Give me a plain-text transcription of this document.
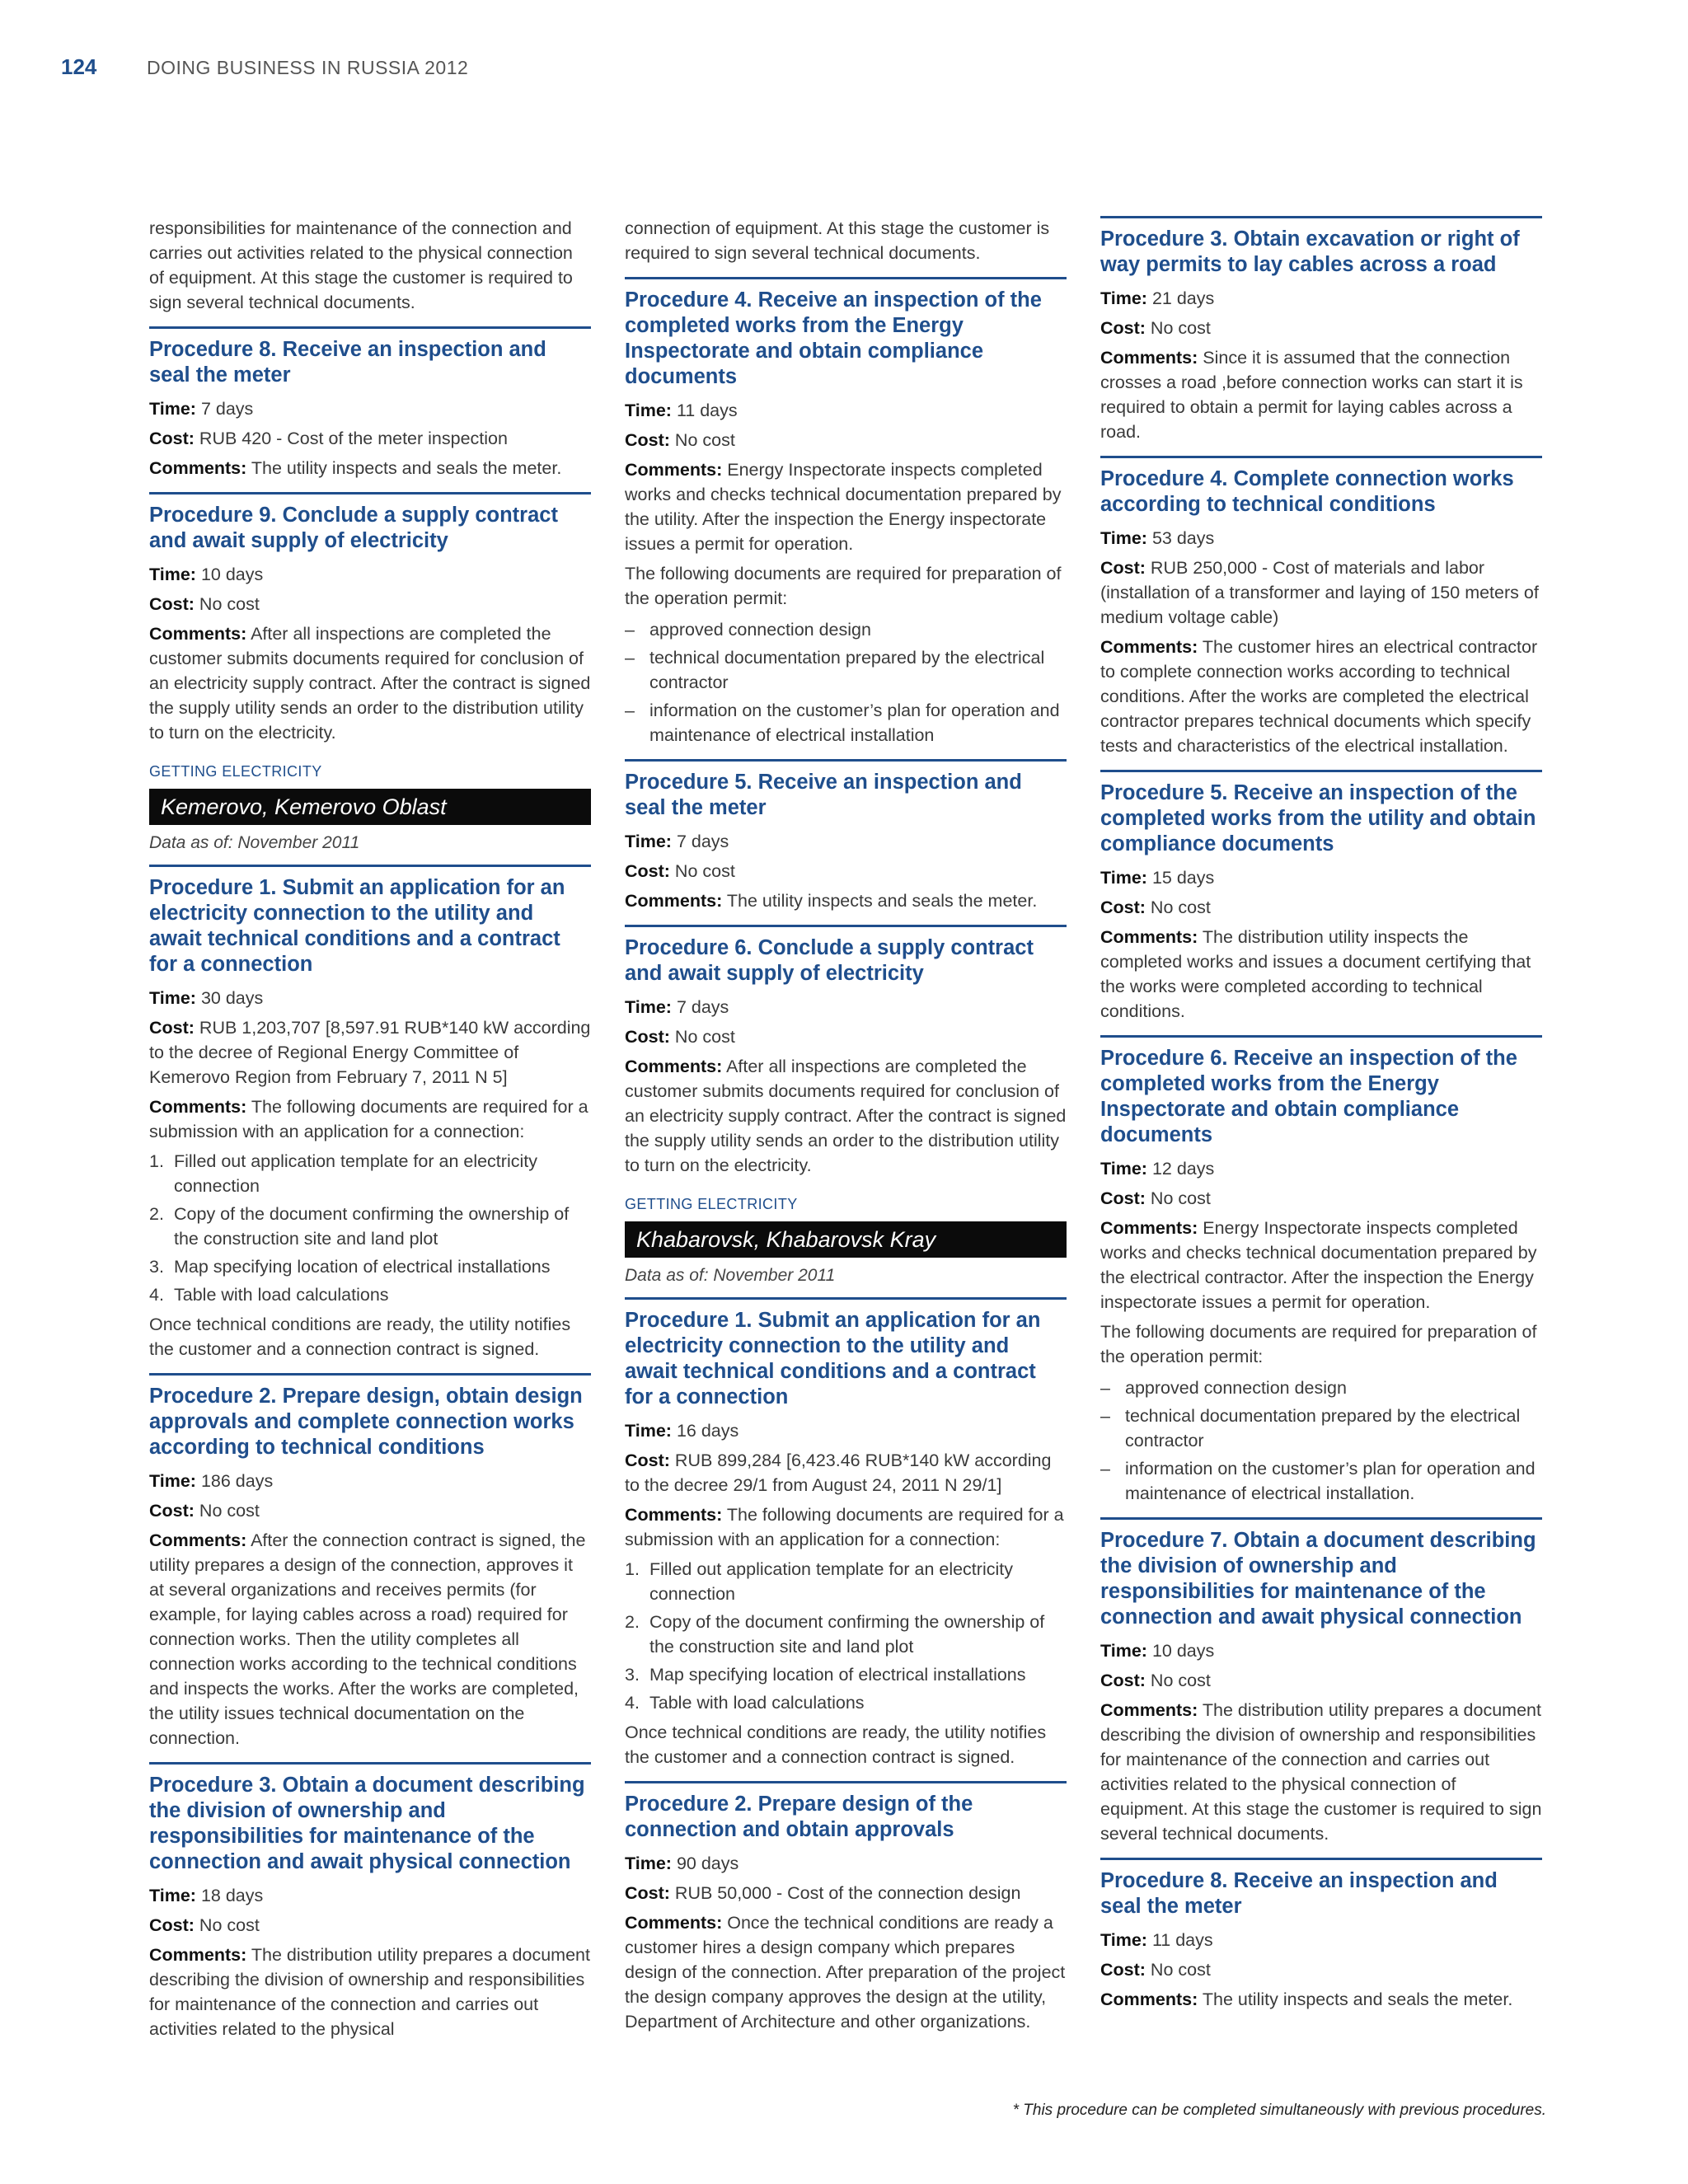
124	DOING BUSINESS IN RUSSIA 2012

responsibilities for maintenance of the connection and carries out activities related to the physical connection of equipment. At this stage the customer is required to sign several technical documents.

Procedure 8. Receive an inspection and seal the meter
Time: 7 days
Cost: RUB 420 - Cost of the meter inspection
Comments: The utility inspects and seals the meter.
Procedure 9. Conclude a supply contract and await supply of electricity
Time: 10 days
Cost: No cost
Comments: After all inspections are completed the customer submits documents required for conclusion of an electricity supply contract. After the contract is signed the supply utility sends an order to the distribution utility to turn on the electricity.
GETTING ELECTRICITY
Kemerovo, Kemerovo Oblast
Data as of: November 2011
Procedure 1. Submit an application for an electricity connection to the utility and await technical conditions and a contract for a connection
Time: 30 days
Cost: RUB 1,203,707 [8,597.91 RUB*140 kW according to the decree of Regional Energy Committee of Kemerovo Region from February 7, 2011 N 5]
Comments: The following documents are required for a submission with an application for a connection:
1. Filled out application template for an electricity connection
2. Copy of the document confirming the ownership of the construction site and land plot
3. Map specifying location of electrical installations
4. Table with load calculations

Once technical conditions are ready, the utility notifies the customer and a connection contract is signed.

Procedure 2. Prepare design, obtain design approvals and complete connection works according to technical conditions
Time: 186 days
Cost: No cost
Comments: After the connection contract is signed, the utility prepares a design of the connection, approves it at several organizations and receives permits (for example, for laying cables across a road) required for connection works. Then the utility completes all connection works according to the technical conditions and inspects the works. After the works are completed, the utility issues technical documentation on the connection.
Procedure 3. Obtain a document describing the division of ownership and responsibilities for maintenance of the connection and await physical connection
Time: 18 days
Cost: No cost
Comments: The distribution utility prepares a document describing the division of ownership and responsibilities for maintenance of the connection and carries out activities related to the physical

connection of equipment. At this stage the customer is required to sign several technical documents.

Procedure 4. Receive an inspection of the completed works from the Energy Inspectorate and obtain compliance documents
Time: 11 days
Cost: No cost
Comments: Energy Inspectorate inspects completed works and checks technical documentation prepared by the utility. After the inspection the Energy inspectorate issues a permit for operation.

The following documents are required for preparation of the operation permit:

– approved connection design
– technical documentation prepared by the electrical contractor
– information on the customer’s plan for operation and maintenance of electrical installation
Procedure 5. Receive an inspection and seal the meter
Time: 7 days
Cost: No cost
Comments: The utility inspects and seals the meter.
Procedure 6. Conclude a supply contract and await supply of electricity
Time: 7 days
Cost: No cost
Comments: After all inspections are completed the customer submits documents required for conclusion of an electricity supply contract. After the contract is signed the supply utility sends an order to the distribution utility to turn on the electricity.
GETTING ELECTRICITY
Khabarovsk, Khabarovsk Kray
Data as of: November 2011
Procedure 1. Submit an application for an electricity connection to the utility and await technical conditions and a contract for a connection
Time: 16 days
Cost: RUB 899,284 [6,423.46 RUB*140 kW according to the decree 29/1 from August 24, 2011 N 29/1]
Comments: The following documents are required for a submission with an application for a connection:
1. Filled out application template for an electricity connection
2. Copy of the document confirming the ownership of the construction site and land plot
3. Map specifying location of electrical installations
4. Table with load calculations

Once technical conditions are ready, the utility notifies the customer and a connection contract is signed.

Procedure 2. Prepare design of the connection and obtain approvals
Time: 90 days
Cost: RUB 50,000 - Cost of the connection design
Comments: Once the technical conditions are ready a customer hires a design company which prepares design of the connection. After preparation of the project the design company approves the design at the utility, Department of Architecture and other organizations.
Procedure 3. Obtain excavation or right of way permits to lay cables across a road
Time: 21 days
Cost: No cost
Comments: Since it is assumed that the connection crosses a road ,before connection works can start it is required to obtain a permit for laying cables across a road.
Procedure 4. Complete connection works according to technical conditions
Time: 53 days
Cost: RUB 250,000 - Cost of materials and labor (installation of a transformer and laying of 150 meters of medium voltage cable)
Comments: The customer hires an electrical contractor to complete connection works according to technical conditions. After the works are completed the electrical contractor prepares technical documents which specify tests and characteristics of the electrical installation.
Procedure 5. Receive an inspection of the completed works from the utility and obtain compliance documents
Time: 15 days
Cost: No cost
Comments: The distribution utility inspects the completed works and issues a document certifying that the works were completed according to technical conditions.
Procedure 6. Receive an inspection of the completed works from the Energy Inspectorate and obtain compliance documents
Time: 12 days
Cost: No cost
Comments: Energy Inspectorate inspects completed works and checks technical documentation prepared by the electrical contractor. After the inspection the Energy inspectorate issues a permit for operation.

The following documents are required for preparation of the operation permit:

– approved connection design
– technical documentation prepared by the electrical contractor
– information on the customer’s plan for operation and maintenance of electrical installation.
Procedure 7. Obtain a document describing the division of ownership and responsibilities for maintenance of the connection and await physical connection
Time: 10 days
Cost: No cost
Comments: The distribution utility prepares a document describing the division of ownership and responsibilities for maintenance of the connection and carries out activities related to the physical connection of equipment. At this stage the customer is required to sign several technical documents.
Procedure 8. Receive an inspection and seal the meter
Time: 11 days
Cost: No cost
Comments: The utility inspects and seals the meter.
* This procedure can be completed simultaneously with previous procedures.
